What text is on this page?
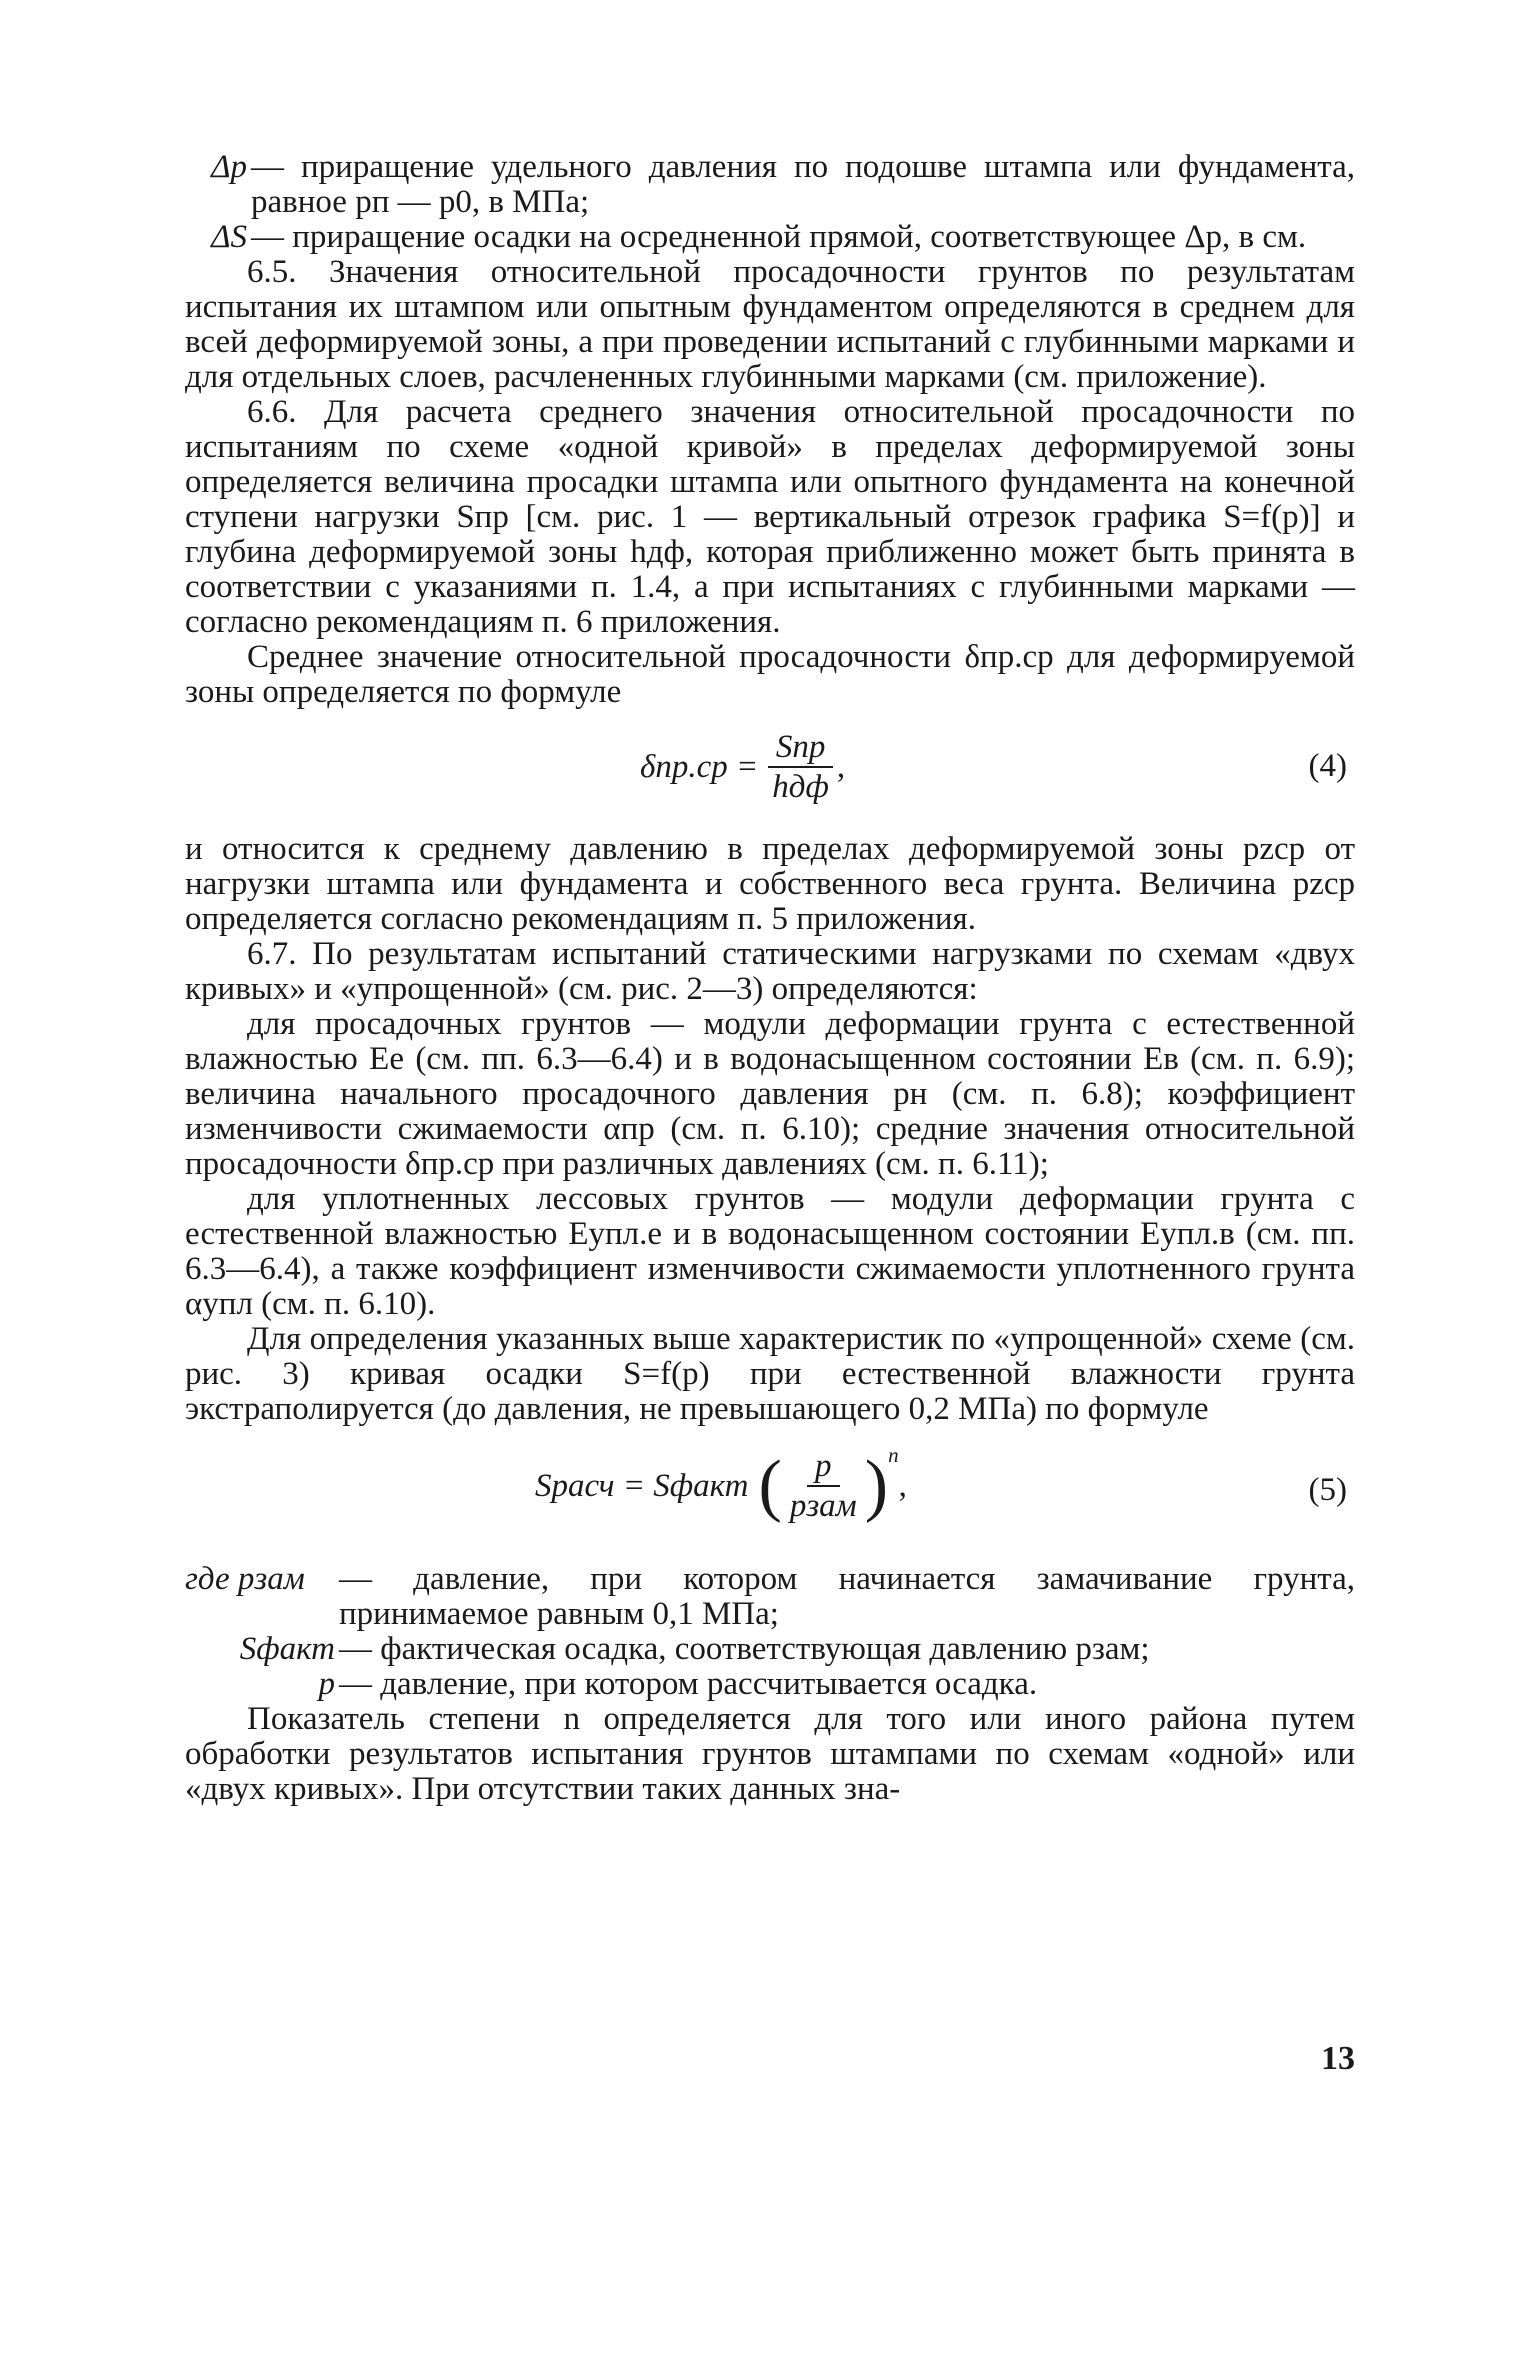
Δp — приращение удельного давления по подошве штампа или фундамента, равное pп — p0, в МПа;
ΔS — приращение осадки на осредненной прямой, соответствующее Δp, в см.

6.5. Значения относительной просадочности грунтов по результатам испытания их штампом или опытным фундаментом определяются в среднем для всей деформируемой зоны, а при проведении испытаний с глубинными марками и для отдельных слоев, расчлененных глубинными марками (см. приложение).

6.6. Для расчета среднего значения относительной просадочности по испытаниям по схеме «одной кривой» в пределах деформируемой зоны определяется величина просадки штампа или опытного фундамента на конечной ступени нагрузки Sпр [см. рис. 1 — вертикальный отрезок графика S=f(p)] и глубина деформируемой зоны hдф, которая приближенно может быть принята в соответствии с указаниями п. 1.4, а при испытаниях с глубинными марками — согласно рекомендациям п. 6 приложения.

Среднее значение относительной просадочности δпр.ср для деформируемой зоны определяется по формуле

$\delta пр.ср = \frac{\text{Sпр}}{\text{hдф}}$ ,	(4)

и относится к среднему давлению в пределах деформируемой зоны pzср от нагрузки штампа или фундамента и собственного веса грунта. Величина pzср определяется согласно рекомендациям п. 5 приложения.

6.7. По результатам испытаний статическими нагрузками по схемам «двух кривых» и «упрощенной» (см. рис. 2—3) определяются:

для просадочных грунтов — модули деформации грунта с естественной влажностью Ее (см. пп. 6.3—6.4) и в водонасыщенном состоянии Ев (см. п. 6.9); величина начального просадочного давления pн (см. п. 6.8); коэффициент изменчивости сжимаемости αпр (см. п. 6.10); средние значения относительной просадочности δпр.ср при различных давлениях (см. п. 6.11);

для уплотненных лессовых грунтов — модули деформации грунта с естественной влажностью Еупл.е и в водонасыщенном состоянии Еупл.в (см. пп. 6.3—6.4), а также коэффициент изменчивости сжимаемости уплотненного грунта αупл (см. п. 6.10).

Для определения указанных выше характеристик по «упрощенной» схеме (см. рис. 3) кривая осадки S=f(p) при естественной влажности грунта экстраполируется (до давления, не превышающего 0,2 МПа) по формуле

Sрасч = Sфакт ( $\frac{p}{\text{pзам}} )^n$
,	(5)
где pзам	— давление, при котором начинается замачивание грунта, принимаемое равным 0,1 МПа;
Sфакт — фактическая осадка, соответствующая давлению pзам;
p — давление, при котором рассчитывается осадка.

Показатель степени n определяется для того или иного района путем обработки результатов испытания грунтов штампами по схемам «одной» или «двух кривых». При отсутствии таких данных зна-

13
